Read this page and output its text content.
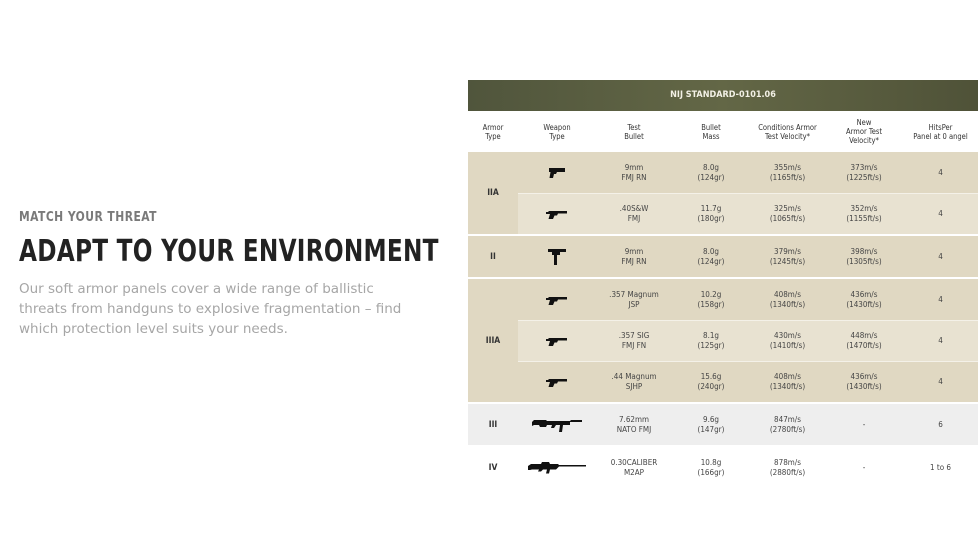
MATCH YOUR THREAT
ADAPT TO YOUR ENVIRONMENT

Our soft armor panels cover a wide range of ballistic threats from handguns to explosive fragmentation – find which protection level suits your needs.

NIJ STANDARD-0101.06
Armor
Type
Weapon
Type
Test
Bullet
Bullet
Mass
Conditions Armor
Test Velocity*
New
Armor Test
Velocity*
HitsPer
Panel at 0 angel
IIA
9mm
FMJ RN
8.0g
(124gr)
355m/s
(1165ft/s)
373m/s
(1225ft/s)
4
.40S&W
FMJ
11.7g
(180gr)
325m/s
(1065ft/s)
352m/s
(1155ft/s)
4
II
9mm
FMJ RN
8.0g
(124gr)
379m/s
(1245ft/s)
398m/s
(1305ft/s)
4
IIIA
.357 Magnum
JSP
10.2g
(158gr)
408m/s
(1340ft/s)
436m/s
(1430ft/s)
4
.357 SIG
FMJ FN
8.1g
(125gr)
430m/s
(1410ft/s)
448m/s
(1470ft/s)
4
.44 Magnum
SJHP
15.6g
(240gr)
408m/s
(1340ft/s)
436m/s
(1430ft/s)
4
III
7.62mm
NATO FMJ
9.6g
(147gr)
847m/s
(2780ft/s)
-	6
IV
0.30CALIBER
M2AP
10.8g
(166gr)
878m/s
(2880ft/s)
-	1 to 6
